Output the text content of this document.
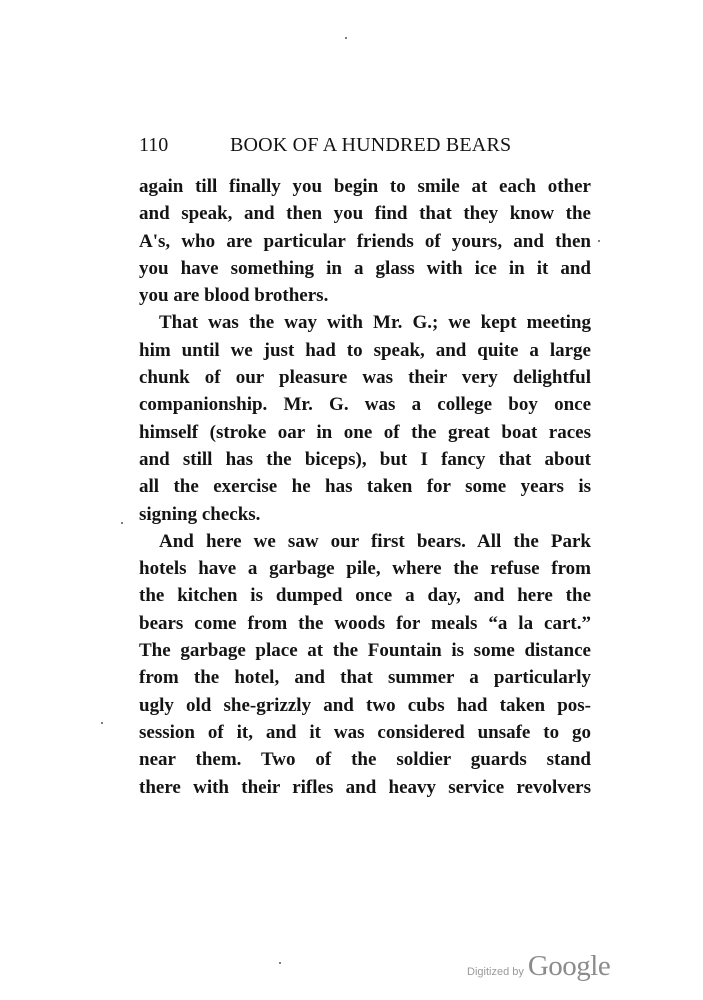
110	BOOK OF A HUNDRED BEARS
again till finally you begin to smile at each other
and speak, and then you find that they know the
A's, who are particular friends of yours, and then
you have something in a glass with ice in it and
you are blood brothers.
That was the way with Mr. G.; we kept meeting
him until we just had to speak, and quite a large
chunk of our pleasure was their very delightful
companionship. Mr. G. was a college boy once
himself (stroke oar in one of the great boat races
and still has the biceps), but I fancy that about
all the exercise he has taken for some years is
signing checks.
And here we saw our first bears. All the Park
hotels have a garbage pile, where the refuse from
the kitchen is dumped once a day, and here the
bears come from the woods for meals “a la cart.”
The garbage place at the Fountain is some distance
from the hotel, and that summer a particularly
ugly old she-grizzly and two cubs had taken pos-
session of it, and it was considered unsafe to go
near them. Two of the soldier guards stand
there with their rifles and heavy service revolvers
Digitized by Google
